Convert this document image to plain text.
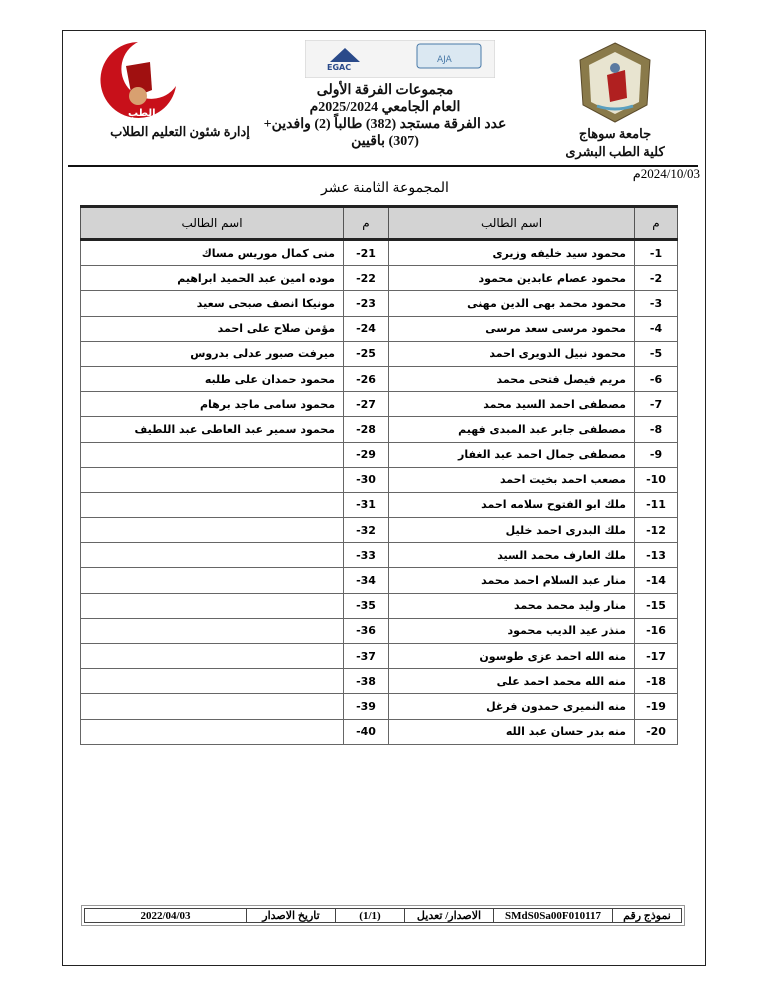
كلية الطب
EGAC
AJA
مجموعات الفرقة الأولى
العام الجامعي 2025/2024م
عدد الفرقة مستجد (382) طالباً (2) وافدين+
(307) باقيين
جامعة سوهاج
كلية الطب البشرى
إدارة شئون التعليم الطلاب
2024/10/03م
المجموعة الثامنة عشر
م	اسم الطالب	م	اسم الطالب
-1	محمود سيد خليفه وزيرى	-21	منى كمال موريس مساك
-2	محمود عصام عابدين محمود	-22	موده امين عبد الحميد ابراهيم
-3	محمود محمد بهى الدين مهنى	-23	مونيكا انصف صبحى سعيد
-4	محمود مرسى سعد مرسى	-24	مؤمن صلاح على احمد
-5	محمود نبيل الدويرى احمد	-25	ميرفت صبور عدلى بدروس
-6	مريم فيصل فتحى محمد	-26	محمود حمدان على طلبه
-7	مصطفى احمد السيد محمد	-27	محمود سامى ماجد برهام
-8	مصطفى جابر عبد المبدى فهيم	-28	محمود سمير عبد العاطى عبد اللطيف
-9	مصطفى جمال احمد عبد الغفار	-29	
-10	مصعب احمد بخيت احمد	-30	
-11	ملك ابو الفتوح سلامه احمد	-31	
-12	ملك البدرى احمد خليل	-32	
-13	ملك العارف محمد السيد	-33	
-14	منار عبد السلام احمد محمد	-34	
-15	منار وليد محمد محمد	-35	
-16	منذر عيد الديب محمود	-36	
-17	منه الله احمد عزى طوسون	-37	
-18	منه الله محمد احمد على	-38	
-19	منه النميرى حمدون فرغل	-39	
-20	منه بدر حسان عبد الله	-40	
نموذج رقم	SMdS0Sa00F010117	الاصدار/ تعديل	(1/1)	تاريخ الاصدار	2022/04/03
